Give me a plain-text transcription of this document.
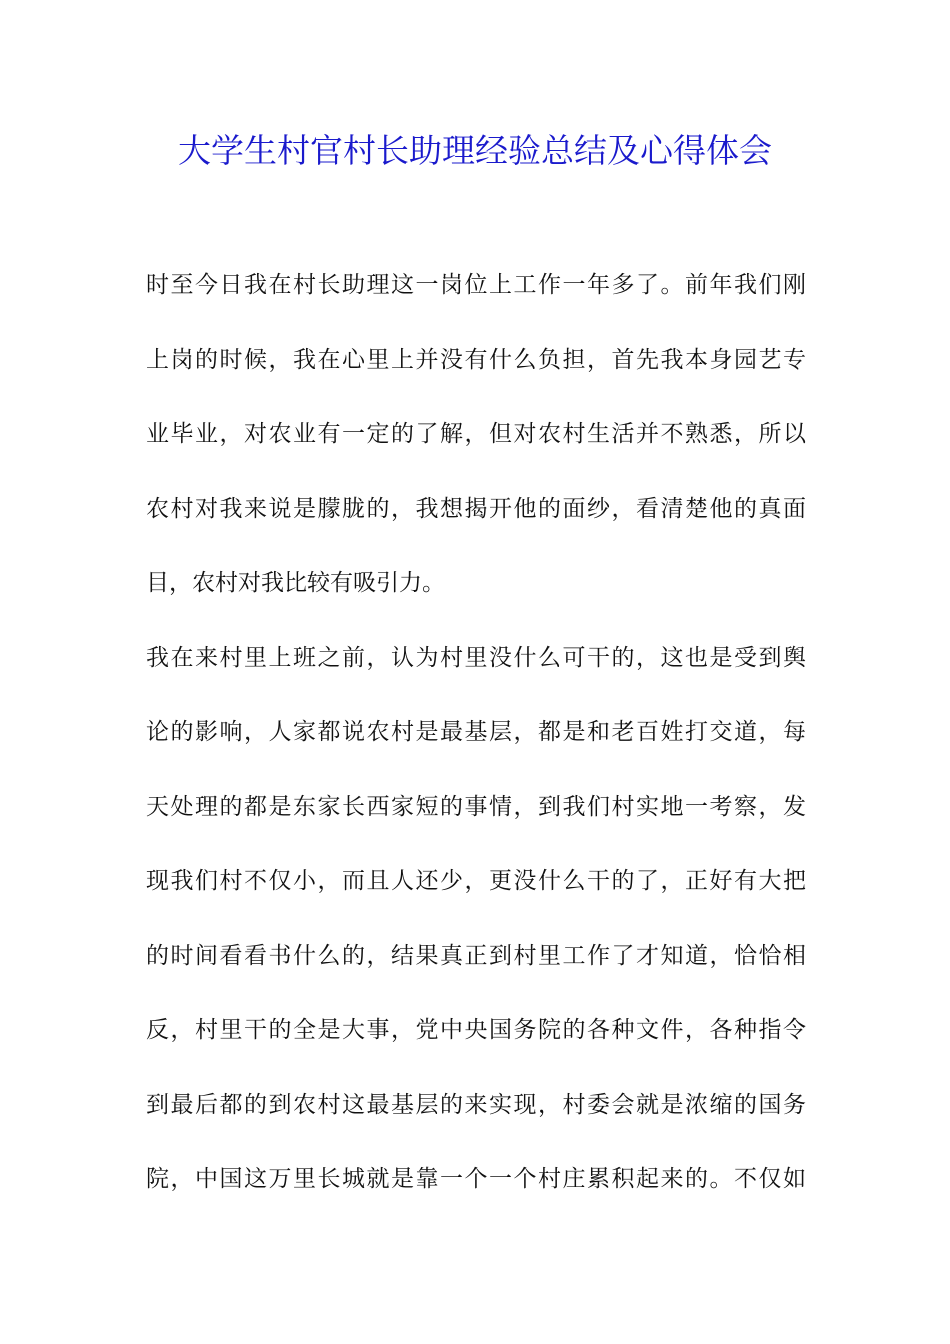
大学生村官村长助理经验总结及心得体会
时至今日我在村长助理这一岗位上工作一年多了。前年我们刚
上岗的时候，我在心里上并没有什么负担，首先我本身园艺专
业毕业，对农业有一定的了解，但对农村生活并不熟悉，所以
农村对我来说是朦胧的，我想揭开他的面纱，看清楚他的真面
目，农村对我比较有吸引力。
我在来村里上班之前，认为村里没什么可干的，这也是受到舆
论的影响，人家都说农村是最基层，都是和老百姓打交道，每
天处理的都是东家长西家短的事情，到我们村实地一考察，发
现我们村不仅小，而且人还少，更没什么干的了，正好有大把
的时间看看书什么的，结果真正到村里工作了才知道，恰恰相
反，村里干的全是大事，党中央国务院的各种文件，各种指令
到最后都的到农村这最基层的来实现，村委会就是浓缩的国务
院，中国这万里长城就是靠一个一个村庄累积起来的。不仅如
